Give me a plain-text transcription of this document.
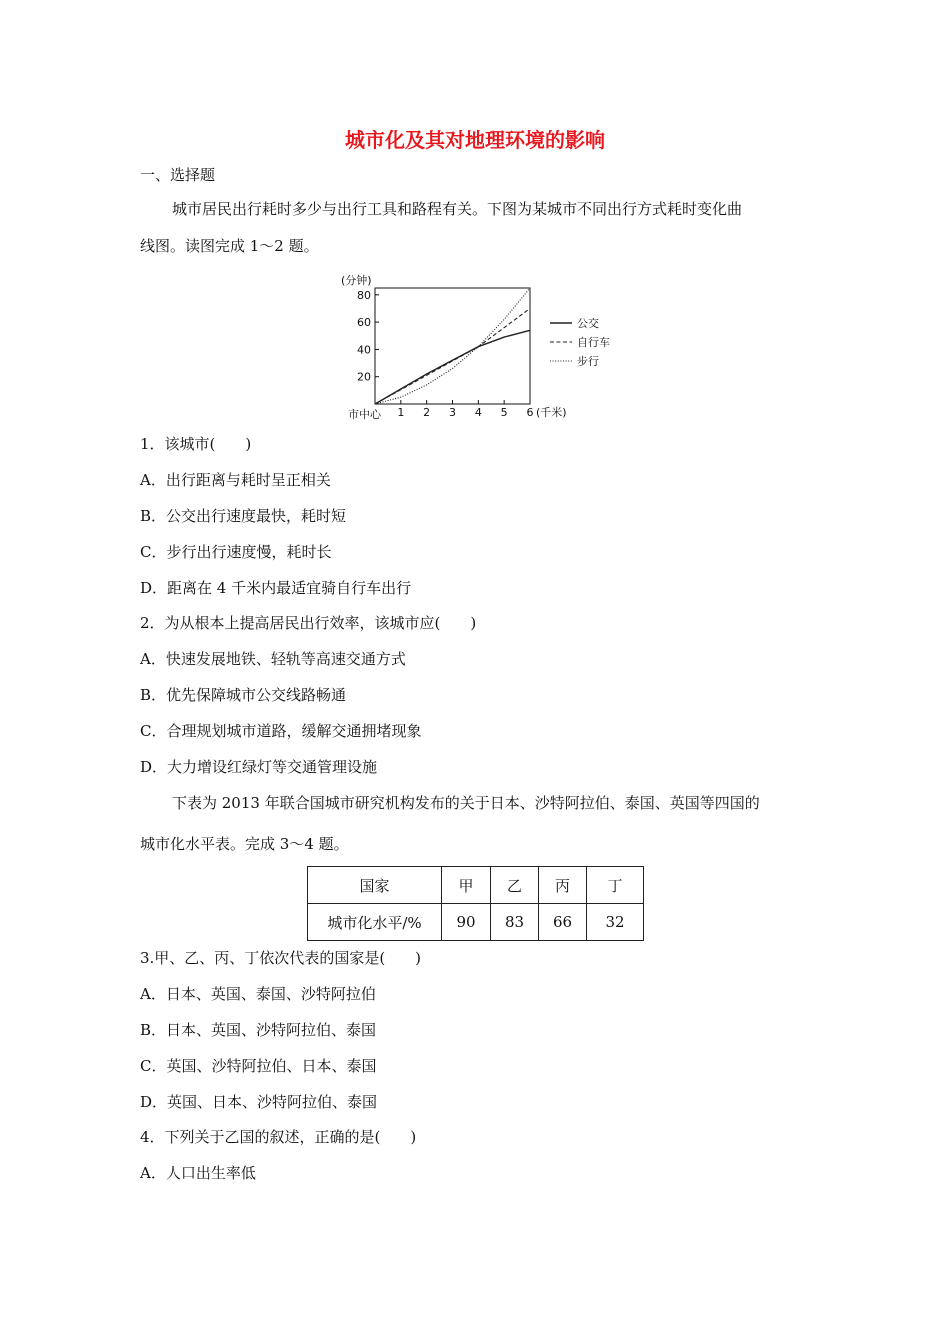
城市化及其对地理环境的影响
一、选择题
城市居民出行耗时多少与出行工具和路程有关。下图为某城市不同出行方式耗时变化曲
线图。读图完成 1～2 题。
20
40
60
80
1 2 3 4 5 6
(分钟)
(千米)
市中心
公交
自行车
步行
1．该城市(　　)
A．出行距离与耗时呈正相关
B．公交出行速度最快，耗时短
C．步行出行速度慢，耗时长
D．距离在 4 千米内最适宜骑自行车出行
2．为从根本上提高居民出行效率，该城市应(　　)
A．快速发展地铁、轻轨等高速交通方式
B．优先保障城市公交线路畅通
C．合理规划城市道路，缓解交通拥堵现象
D．大力增设红绿灯等交通管理设施
下表为 2013 年联合国城市研究机构发布的关于日本、沙特阿拉伯、泰国、英国等四国的
城市化水平表。完成 3～4 题。
国家	甲	乙	丙	丁
城市化水平/%	90	83	66	32
3.甲、乙、丙、丁依次代表的国家是(　　)
A．日本、英国、泰国、沙特阿拉伯
B．日本、英国、沙特阿拉伯、泰国
C．英国、沙特阿拉伯、日本、泰国
D．英国、日本、沙特阿拉伯、泰国
4．下列关于乙国的叙述，正确的是(　　)
A．人口出生率低
